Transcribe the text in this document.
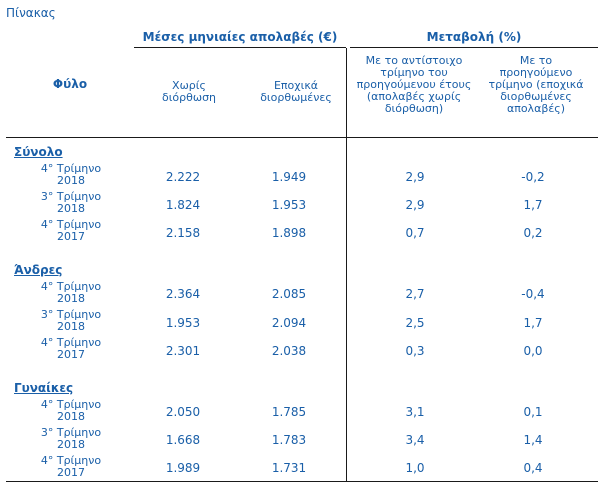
Πίνακας
Μέσες μηνιαίες απολαβές (€)	Μεταβολή (%)
Φύλο	Χωρίς διόρθωση
Εποχικά διορθωμένες
Με το αντίστοιχο τρίμηνο του προηγούμενου έτους (απολαβές χωρίς διόρθωση)
Με το προηγούμενο τρίμηνο (εποχικά διορθωμένες απολαβές)
Σύνολο
4° Τρίμηνο 2018	2.222	1.949	2,9	-0,2
3° Τρίμηνο 2018	1.824	1.953	2,9	1,7
4° Τρίμηνο 2017	2.158	1.898	0,7	0,2
Άνδρες
4° Τρίμηνο 2018	2.364	2.085	2,7	-0,4
3° Τρίμηνο 2018	1.953	2.094	2,5	1,7
4° Τρίμηνο 2017	2.301	2.038	0,3	0,0
Γυναίκες
4° Τρίμηνο 2018	2.050	1.785	3,1	0,1
3° Τρίμηνο 2018	1.668	1.783	3,4	1,4
4° Τρίμηνο 2017	1.989	1.731	1,0	0,4
